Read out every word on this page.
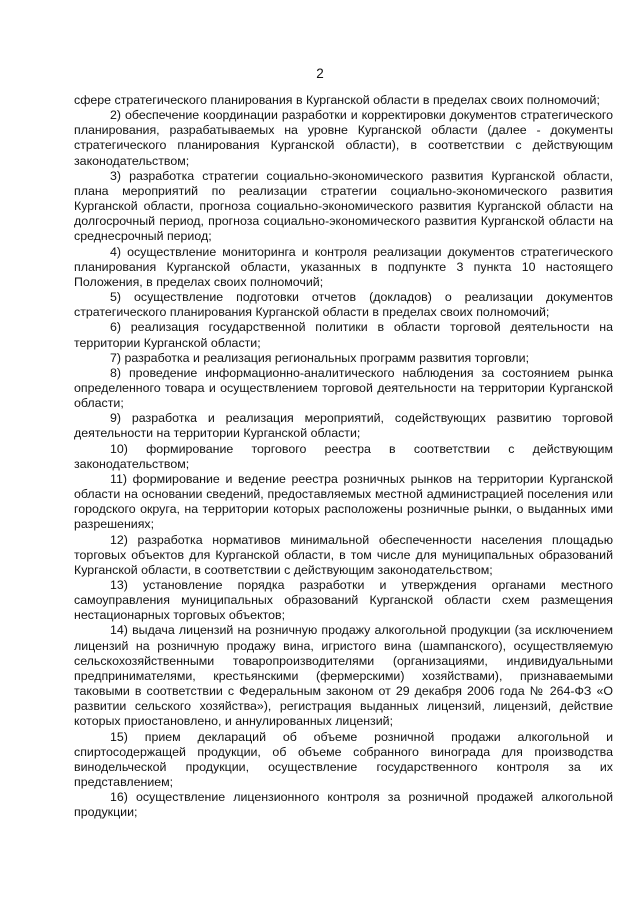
2

сфере стратегического планирования в Курганской области в пределах своих полномочий;

2) обеспечение координации разработки и корректировки документов стратегического планирования, разрабатываемых на уровне Курганской области (далее - документы стратегического планирования Курганской области), в соответствии с действующим законодательством;

3) разработка стратегии социально-экономического развития Курганской области, плана мероприятий по реализации стратегии социально-экономического развития Курганской области, прогноза социально-экономического развития Курганской области на долгосрочный период, прогноза социально-экономического развития Курганской области на среднесрочный период;

4) осуществление мониторинга и контроля реализации документов стратегического планирования Курганской области, указанных в подпункте 3 пункта 10 настоящего Положения, в пределах своих полномочий;

5) осуществление подготовки отчетов (докладов) о реализации документов стратегического планирования Курганской области в пределах своих полномочий;

6) реализация государственной политики в области торговой деятельности на территории Курганской области;

7) разработка и реализация региональных программ развития торговли;

8) проведение информационно-аналитического наблюдения за состоянием рынка определенного товара и осуществлением торговой деятельности на территории Курганской области;

9) разработка и реализация мероприятий, содействующих развитию торговой деятельности на территории Курганской области;

10) формирование торгового реестра в соответствии с действующим законодательством;

11) формирование и ведение реестра розничных рынков на территории Курганской области на основании сведений, предоставляемых местной администрацией поселения или городского округа, на территории которых расположены розничные рынки, о выданных ими разрешениях;

12) разработка нормативов минимальной обеспеченности населения площадью торговых объектов для Курганской области, в том числе для муниципальных образований Курганской области, в соответствии с действующим законодательством;

13) установление порядка разработки и утверждения органами местного самоуправления муниципальных образований Курганской области схем размещения нестационарных торговых объектов;

14) выдача лицензий на розничную продажу алкогольной продукции (за исключением лицензий на розничную продажу вина, игристого вина (шампанского), осуществляемую сельскохозяйственными товаропроизводителями (организациями, индивидуальными предпринимателями, крестьянскими (фермерскими) хозяйствами), признаваемыми таковыми в соответствии с Федеральным законом от 29 декабря 2006 года № 264-ФЗ «О развитии сельского хозяйства»), регистрация выданных лицензий, лицензий, действие которых приостановлено, и аннулированных лицензий;

15) прием деклараций об объеме розничной продажи алкогольной и спиртосодержащей продукции, об объеме собранного винограда для производства винодельческой продукции, осуществление государственного контроля за их представлением;

16) осуществление лицензионного контроля за розничной продажей алкогольной продукции;
